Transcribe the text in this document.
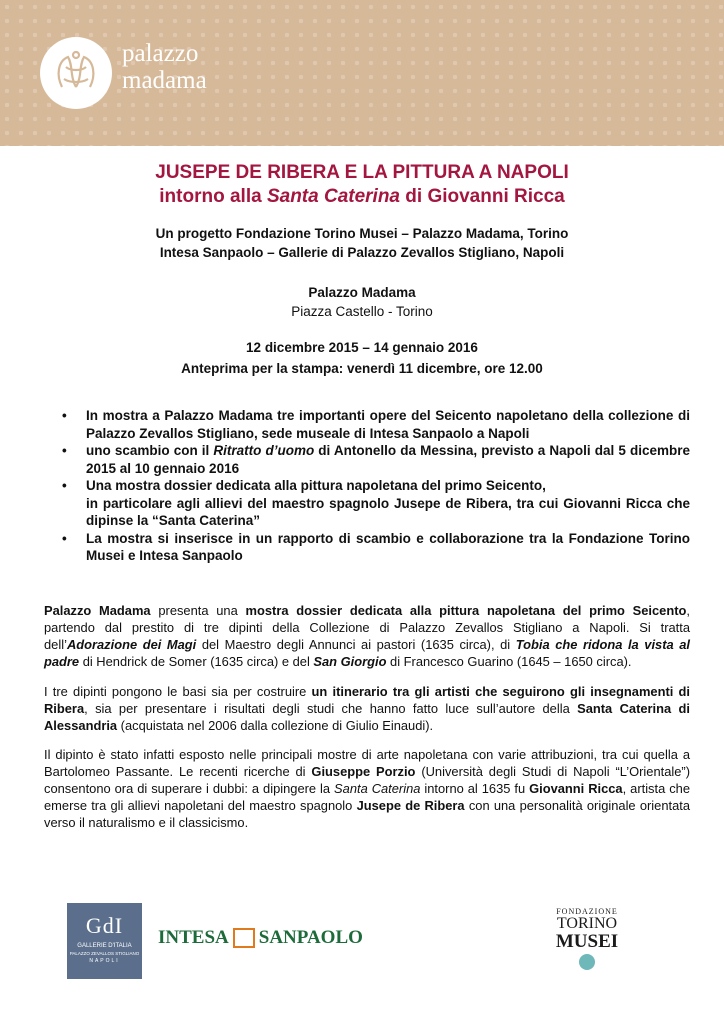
palazzo
madama
JUSEPE DE RIBERA E LA PITTURA A NAPOLI
intorno alla Santa Caterina di Giovanni Ricca
Un progetto Fondazione Torino Musei – Palazzo Madama, Torino
Intesa Sanpaolo – Gallerie di Palazzo Zevallos Stigliano, Napoli
Palazzo Madama
Piazza Castello - Torino
12 dicembre 2015 – 14 gennaio 2016
Anteprima per la stampa: venerdì 11 dicembre, ore 12.00
• In mostra a Palazzo Madama tre importanti opere del Seicento napoletano della collezione di Palazzo Zevallos Stigliano, sede museale di Intesa Sanpaolo a Napoli
• uno scambio con il Ritratto d’uomo di Antonello da Messina, previsto a Napoli dal 5 dicembre 2015 al 10 gennaio 2016
• Una mostra dossier dedicata alla pittura napoletana del primo Seicento,
in particolare agli allievi del maestro spagnolo Jusepe de Ribera, tra cui Giovanni Ricca che dipinse la “Santa Caterina”
• La mostra si inserisce in un rapporto di scambio e collaborazione tra la Fondazione Torino Musei e Intesa Sanpaolo
Palazzo Madama presenta una mostra dossier dedicata alla pittura napoletana del primo Seicento, partendo dal prestito di tre dipinti della Collezione di Palazzo Zevallos Stigliano a Napoli. Si tratta dell’Adorazione dei Magi del Maestro degli Annunci ai pastori (1635 circa), di Tobia che ridona la vista al padre di Hendrick de Somer (1635 circa) e del San Giorgio di Francesco Guarino (1645 – 1650 circa).
I tre dipinti pongono le basi sia per costruire un itinerario tra gli artisti che seguirono gli insegnamenti di Ribera, sia per presentare i risultati degli studi che hanno fatto luce sull’autore della Santa Caterina di Alessandria (acquistata nel 2006 dalla collezione di Giulio Einaudi).
Il dipinto è stato infatti esposto nelle principali mostre di arte napoletana con varie attribuzioni, tra cui quella a Bartolomeo Passante. Le recenti ricerche di Giuseppe Porzio (Università degli Studi di Napoli “L’Orientale”) consentono ora di superare i dubbi: a dipingere la Santa Caterina intorno al 1635 fu Giovanni Ricca, artista che emerse tra gli allievi napoletani del maestro spagnolo Jusepe de Ribera con una personalità originale orientata verso il naturalismo e il classicismo.
GdI
GALLERIE D'ITALIA
PALAZZO ZEVALLOS STIGLIANO
NAPOLI
INTESA SANPAOLO
FONDAZIONE
TORINO
MUSEI
